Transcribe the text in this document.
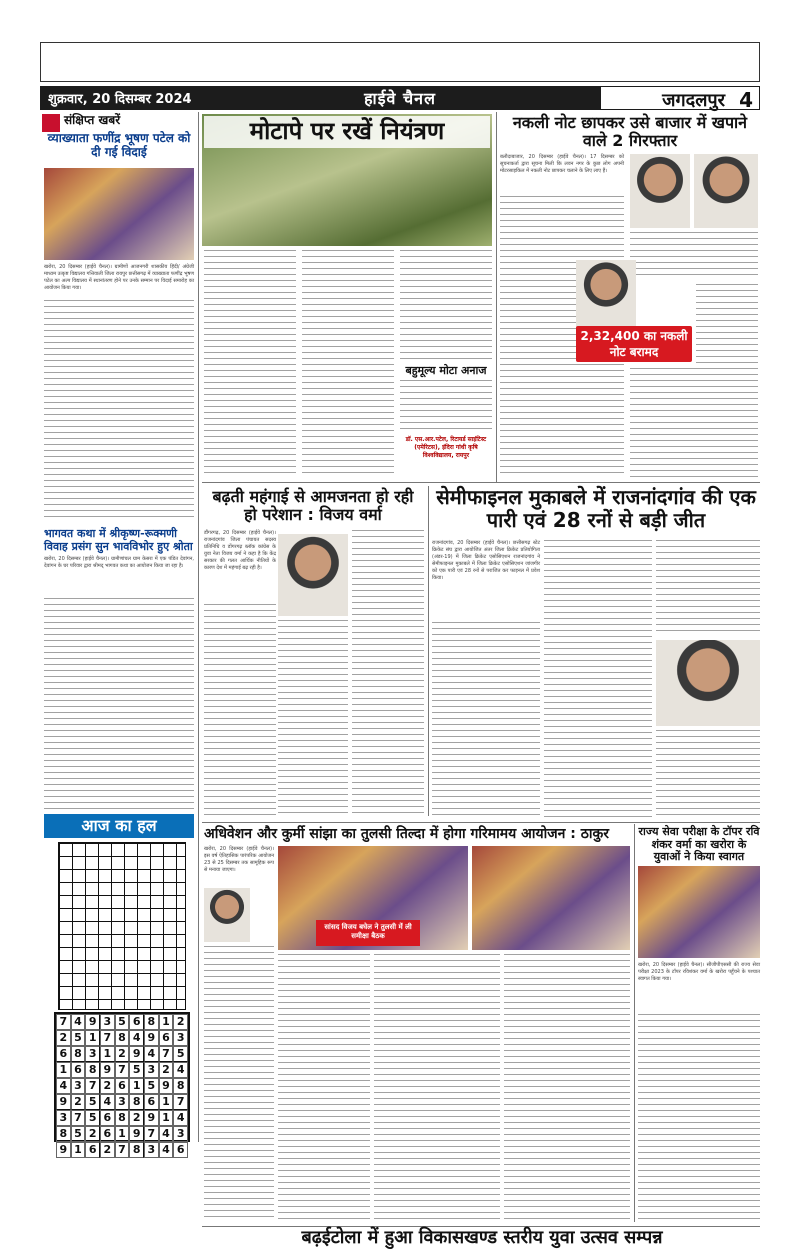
शुक्रवार, 20 दिसम्बर 2024	हाईवे चैनल	जगदलपुर 4
संक्षिप्त खबरें
व्याख्याता फणींद्र भूषण पटेल को दी गई विदाई
खरोरा, 20 दिसम्बर (हाईवे चैनल)। ग्रामीणों आजनगरी शासकीय हिंदी/ अंग्रेजी माध्यम उत्कृष्ट विद्यालय गत्तिवाली जिला रायपुर छत्तीसगढ़ में व्याख्याता फणींद्र भूषण पटेल का अल्प विद्यालय में स्थानांतरण होने पर उनके सम्मान पर विदाई समारोह का आयोजन किया गया।
भागवत कथा में श्रीकृष्ण-रूक्मणी विवाह प्रसंग सुन भावविभोर हुए श्रोता
खरोरा, 20 दिसम्बर (हाईवे चैनल)। ग्रामीणांचल ग्राम केसरा में एक पंडित देवांगन, देवांगन के घर परिवार द्वारा श्रीमद् भागवत कथा का आयोजन किया जा रहा है।
आज का हल
7 4 9 3 5 6 8 1 2
2 5 1 7 8 4 9 6 3
6 8 3 1 2 9 4 7 5
1 6 8 9 7 5 3 2 4
4 3 7 2 6 1 5 9 8
9 2 5 4 3 8 6 1 7
3 7 5 6 8 2 9 1 4
8 5 2 6 1 9 7 4 3
9 1 6 2 7 8 3 4 6
मोटापे पर रखें नियंत्रण
बहुमूल्य मोटा अनाज
डॉ. एस.आर.पटेल, रिटायर्ड साइंटिस्ट (एमेरिटस), इंदिरा गांधी कृषि विश्वविद्यालय, रायपुर
नकली नोट छापकर उसे बाजार में खपाने वाले 2 गिरफ्तार
बलौदाबाजार, 20 दिसम्बर (हाईवे चैनल)। 17 दिसम्बर को सूचनाकर्ता द्वारा सूचना मिली कि लवन नगर के कुछ लोग अपनी मोटरसाइकिल में नकली नोट छापकर चलाने के लिए लाए हैं।
2,32,400 का नकली नोट बरामद
बढ़ती महंगाई से आमजनता हो रही हो परेशान : विजय वर्मा
डौंगरगढ़, 20 दिसम्बर (हाईवे चैनल)। राजनांदगांव जिला पंचायत सदस्य प्रतिनिधि व डोंगरगढ़ ब्लॉक कांग्रेस के युवा नेता विजय वर्मा ने कहा है कि केंद्र सरकार की गलत आर्थिक नीतियों के कारण देश में महंगाई बढ़ रही है।
सेमीफाइनल मुकाबले में राजनांदगांव की एक पारी एवं 28 रनों से बड़ी जीत
राजनांदगांव, 20 दिसम्बर (हाईवे चैनल)। छत्तीसगढ़ स्टेट क्रिकेट संघ द्वारा आयोजित अंतर जिला क्रिकेट प्रतियोगिता (अंडर-19) में जिला क्रिकेट एसोसिएशन राजनांदगांव ने सेमीफाइनल मुकाबले में जिला क्रिकेट एसोसिएशन जांजगीर को एक पारी एवं 28 रनों से पराजित कर फाइनल में प्रवेश किया।
अधिवेशन और कुर्मी सांझा का तुलसी तिल्दा में होगा गरिमामय आयोजन : ठाकुर
खरोरा, 20 दिसम्बर (हाईवे चैनल)। इस वर्ष ऐतिहासिक पारंपरिक आयोजन 23 से 25 दिसम्बर तक सामूहिक रूप से मनाया जाएगा।
सांसद विजय बघेल ने तुलसी में ली समीक्षा बैठक
राज्य सेवा परीक्षा के टॉपर रवि शंकर वर्मा का खरोरा के युवाओं ने किया स्वागत
खरोरा, 20 दिसम्बर (हाईवे चैनल)। सीजीपीएससी की राज्य सेवा परीक्षा 2023 के टॉपर रविशंकर वर्मा के खरोरा पहुँचने के पश्चात स्वागत किया गया।
बढ़ईटोला में हुआ विकासखण्ड स्तरीय युवा उत्सव सम्पन्न
